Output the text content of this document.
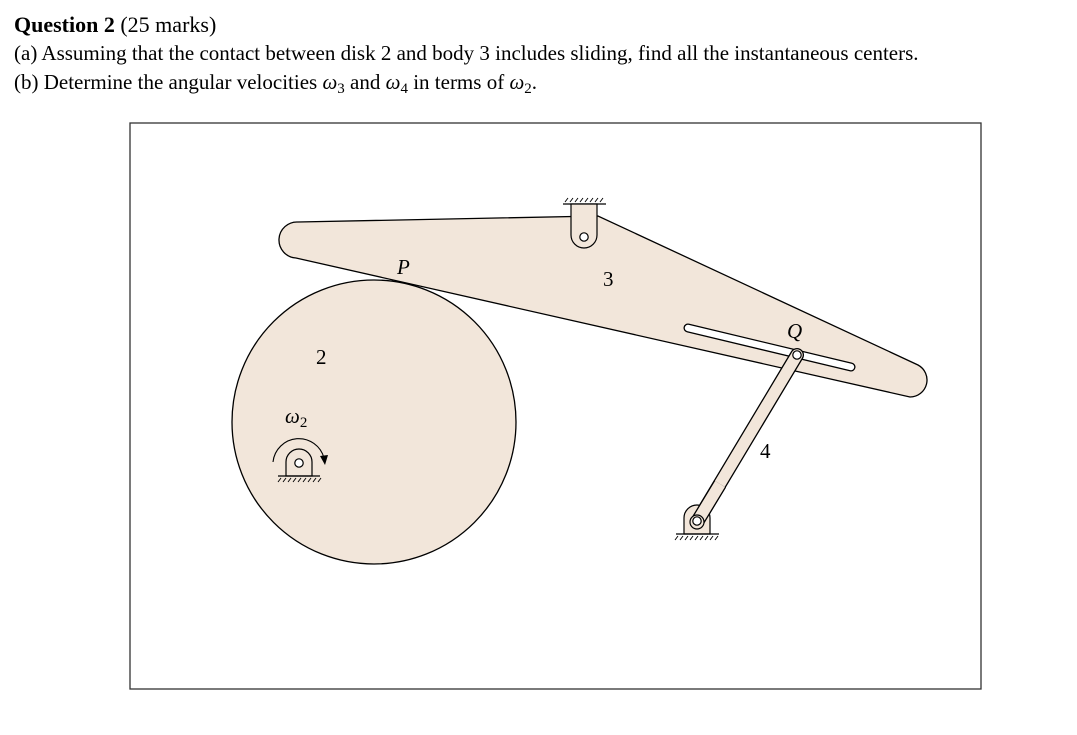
Question 2 (25 marks)
(a) Assuming that the contact between disk 2 and body 3 includes sliding, find all the instantaneous centers.
(b) Determine the angular velocities $\omega_3$ and $\omega_4$ in terms of $\omega_2$.
2
3
4
P
Q
ω2
